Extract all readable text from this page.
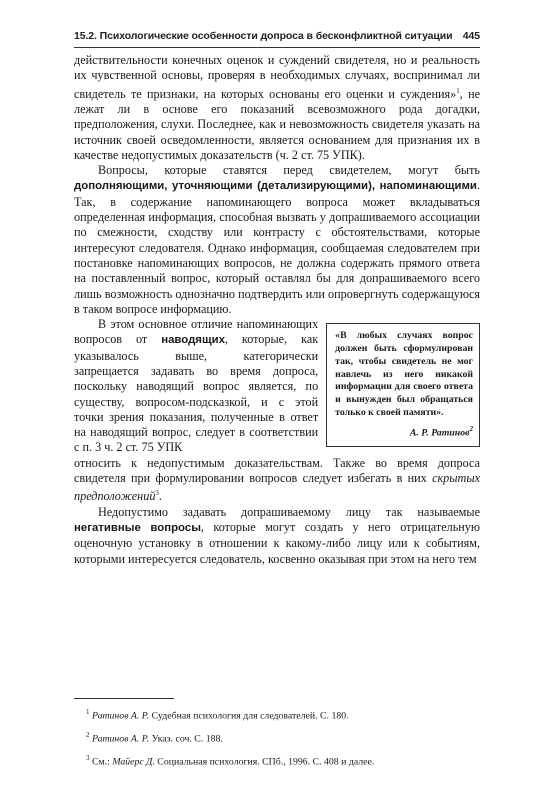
15.2. Психологические особенности допроса в бесконфликтной ситуации 445

действительности конечных оценок и суждений свидетеля, но и реальность их чувственной основы, проверяя в необходимых случаях, воспринимал ли свидетель те признаки, на которых основаны его оценки и суждения»$^1$, не лежат ли в основе его показаний всевозможного рода догадки, предположения, слухи. Последнее, как и невозможность свидетеля указать на источник своей осведомленности, является основанием для признания их в качестве недопустимых доказательств (ч. 2 ст. 75 УПК).

Вопросы, которые ставятся перед свидетелем, могут быть дополняющими, уточняющими (детализирующими), напоминающими. Так, в содержание напоминающего вопроса может вкладываться определенная информация, способная вызвать у допрашиваемого ассоциации по смежности, сходству или контрасту с обстоятельствами, которые интересуют следователя. Однако информация, сообщаемая следователем при постановке напоминающих вопросов, не должна содержать прямого ответа на поставленный вопрос, который оставлял бы для допрашиваемого всего лишь возможность однозначно подтвердить или опровергнуть содержащуюся в таком вопросе информацию.

В этом основное отличие напоминающих вопросов от наводящих, которые, как указывалось выше, категорически запрещается задавать во время допроса, поскольку наводящий вопрос является, по существу, вопросом-подсказкой, и с этой точки зрения показания, полученные в ответ на наводящий вопрос, следует в соответствии с п. 3 ч. 2 ст. 75 УПК

«В любых случаях вопрос должен быть сформулирован так, чтобы свидетель не мог навлечь из него никакой информации для своего ответа и вынужден был обращаться только к своей памяти».
А. Р. Ратинов$^2$

относить к недопустимым доказательствам. Также во время допроса свидетеля при формулировании вопросов следует избегать в них скрытых предположений$^3$.

Недопустимо задавать допрашиваемому лицу так называемые негативные вопросы, которые могут создать у него отрицательную оценочную установку в отношении к какому-либо лицу или к событиям, которыми интересуется следователь, косвенно оказывая при этом на него тем

$^1$ Ратинов А. Р. Судебная психология для следователей. С. 180.

$^2$ Ратинов А. Р. Указ. соч. С. 188.

$^3$ См.: Майерс Д. Социальная психология. СПб., 1996. С. 408 и далее.
